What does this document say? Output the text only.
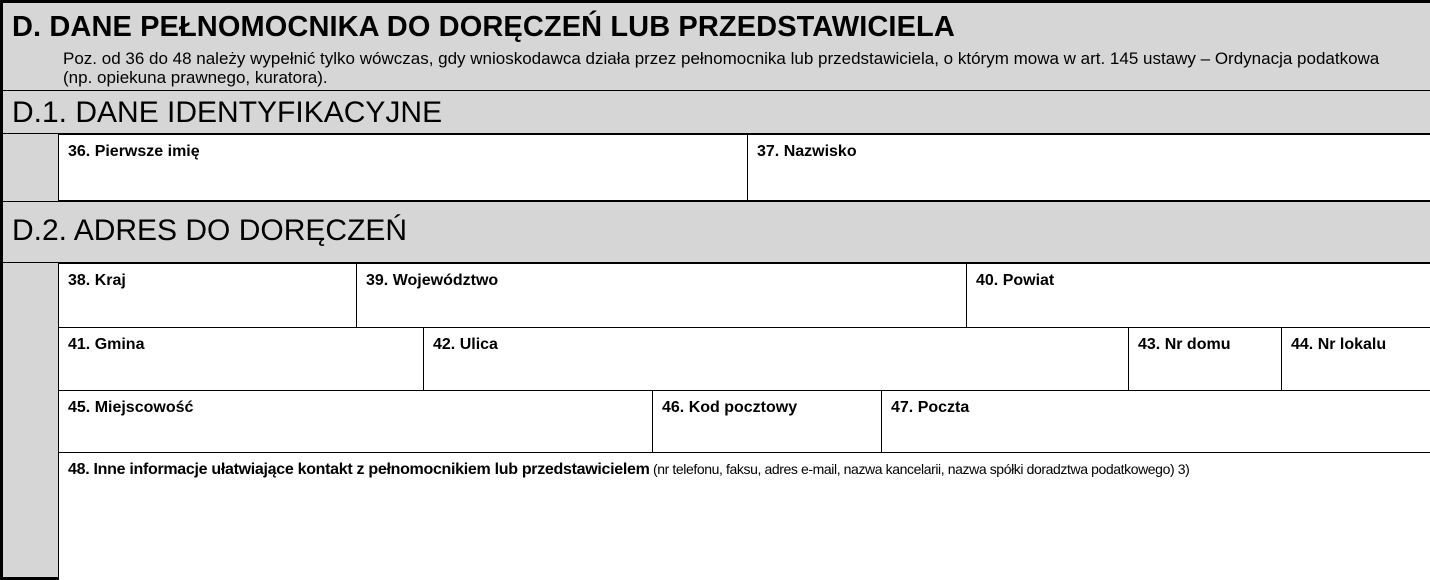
D. DANE PEŁNOMOCNIKA DO DORĘCZEŃ LUB PRZEDSTAWICIELA
Poz. od 36 do 48 należy wypełnić tylko wówczas, gdy wnioskodawca działa przez pełnomocnika lub przedstawiciela, o którym mowa w art. 145 ustawy – Ordynacja podatkowa (np. opiekuna prawnego, kuratora).
D.1. DANE IDENTYFIKACYJNE
36. Pierwsze imię	37. Nazwisko
D.2. ADRES DO DORĘCZEŃ
38. Kraj	39. Województwo	40. Powiat
41. Gmina	42. Ulica	43. Nr domu	44. Nr lokalu
45. Miejscowość	46. Kod pocztowy	47. Poczta
48. Inne informacje ułatwiające kontakt z pełnomocnikiem lub przedstawicielem (nr telefonu, faksu, adres e-mail, nazwa kancelarii, nazwa spółki doradztwa podatkowego) 3)
